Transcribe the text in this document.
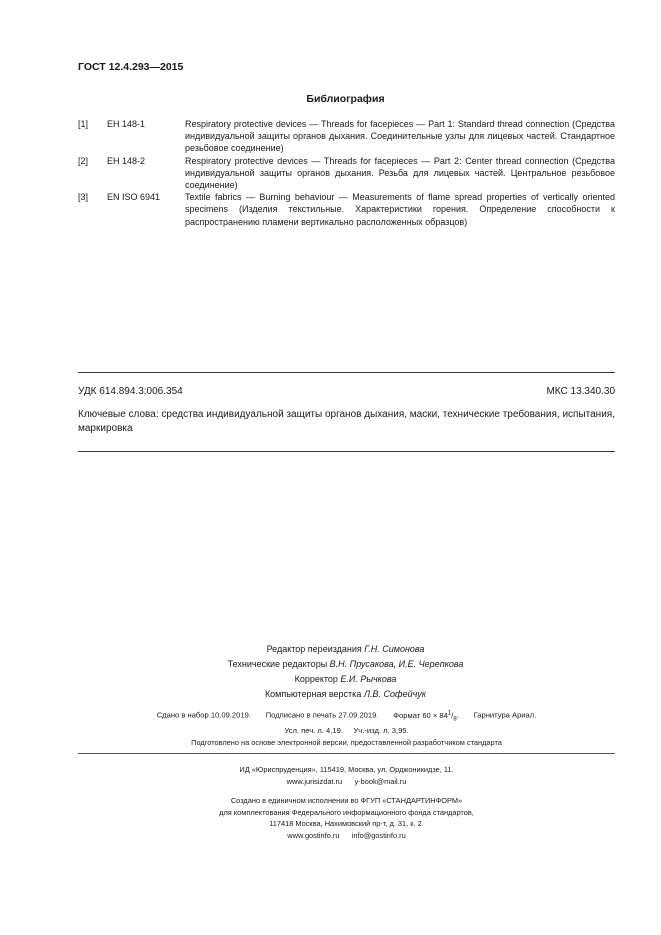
ГОСТ 12.4.293—2015
Библиография
[1]	ЕН 148-1	Respiratory protective devices — Threads for facepieces — Part 1: Standard thread connection (Средства индивидуальной защиты органов дыхания. Соединительные узлы для лицевых частей. Стандартное резьбовое соединение)
[2]	ЕН 148-2	Respiratory protective devices — Threads for facepieces — Part 2: Center thread connection (Средства индивидуальной защиты органов дыхания. Резьба для лицевых частей. Центральное резьбовое соединение)
[3]	EN ISO 6941	Textile fabrics — Burning behaviour — Measurements of flame spread properties of vertically oriented specimens (Изделия текстильные. Характеристики горения. Определение способности к распространению пламени вертикально расположенных образцов)
УДК 614.894.3:006.354	МКС 13.340.30
Ключевые слова: средства индивидуальной защиты органов дыхания, маски, технические требования, испытания, маркировка
Редактор переиздания Г.Н. Симонова
Технические редакторы В.Н. Прусакова, И.Е. Черепкова
Корректор Е.И. Рычкова
Компьютерная верстка Л.В. Софейчук
Сдано в набор 10.09.2019. Подписано в печать 27.09.2019. Формат $60 \times 84^1/_8$. Гарнитура Ариал.
Усл. печ. л. 4,19. Уч.-изд. л. 3,95.
Подготовлено на основе электронной версии, предоставленной разработчиком стандарта
ИД «Юриспруденция», 115419, Москва, ул. Орджоникидзе, 11.
www.jurisizdat.ru y-book@mail.ru
Создано в единичном исполнении во ФГУП «СТАНДАРТИНФОРМ»
для комплектования Федерального информационного фонда стандартов,
117418 Москва, Нахимовский пр-т, д. 31, к. 2.
www.gostinfo.ru info@gostinfo.ru
